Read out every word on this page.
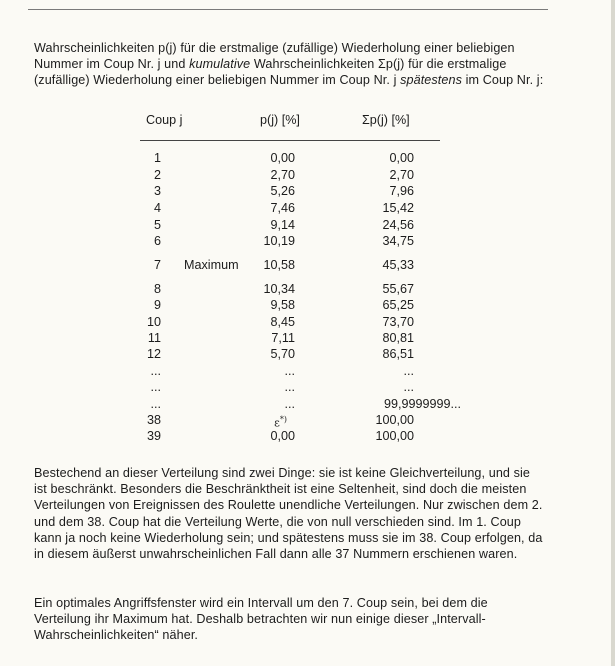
Wahrscheinlichkeiten p(j) für die erstmalige (zufällige) Wiederholung einer beliebigen Nummer im Coup Nr. j und kumulative Wahrscheinlichkeiten Σp(j) für die erstmalige (zufällige) Wiederholung einer beliebigen Nummer im Coup Nr. j spätestens im Coup Nr. j:
Coup j	p(j) [%]	Σp(j) [%]
1	0,00	0,00
2	2,70	2,70
3	5,26	7,96
4	7,46	15,42
5	9,14	24,56
6	10,19	34,75
7 Maximum 10,58	45,33
8	10,34	55,67
9	9,58	65,25
10	8,45	73,70
11	7,11	80,81
12	5,70	86,51
...	...	...
...	...	...
...	...	99,9999999...
38	ε*)	100,00
39	0,00	100,00
Bestechend an dieser Verteilung sind zwei Dinge: sie ist keine Gleichverteilung, und sie ist beschränkt. Besonders die Beschränktheit ist eine Seltenheit, sind doch die meisten Verteilungen von Ereignissen des Roulette unendliche Verteilungen. Nur zwischen dem 2. und dem 38. Coup hat die Verteilung Werte, die von null verschieden sind. Im 1. Coup kann ja noch keine Wiederholung sein; und spätestens muss sie im 38. Coup erfolgen, da in diesem äußerst unwahrscheinlichen Fall dann alle 37 Nummern erschienen waren.
Ein optimales Angriffsfenster wird ein Intervall um den 7. Coup sein, bei dem die Verteilung ihr Maximum hat. Deshalb betrachten wir nun einige dieser „Intervall-Wahrscheinlichkeiten“ näher.
